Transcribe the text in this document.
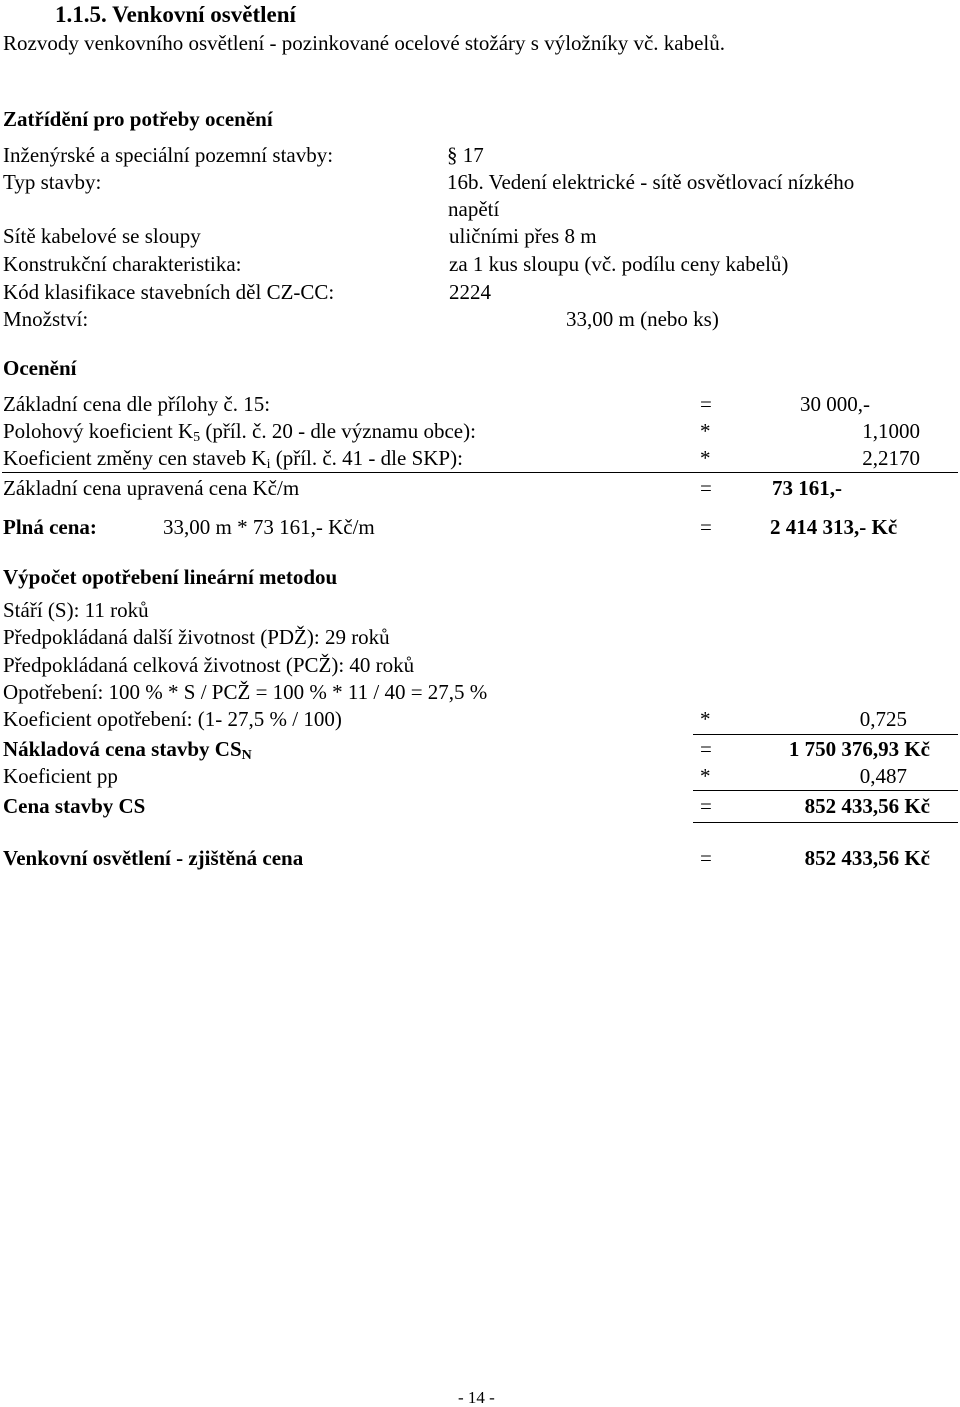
1.1.5. Venkovní osvětlení
Rozvody venkovního osvětlení - pozinkované ocelové stožáry s výložníky vč. kabelů.
Zatřídění pro potřeby ocenění
Inženýrské a speciální pozemní stavby:	§ 17
Typ stavby:	16b. Vedení elektrické - sítě osvětlovací nízkého
napětí
Sítě kabelové se sloupy	uličními přes 8 m
Konstrukční charakteristika:	za 1 kus sloupu (vč. podílu ceny kabelů)
Kód klasifikace stavebních děl CZ-CC:	2224
Množství:	33,00 m (nebo ks)
Ocenění
Základní cena dle přílohy č. 15:	=	30 000,-
Polohový koeficient $K_5$ (příl. č. 20 - dle významu obce):	*	1,1000
Koeficient změny cen staveb $K_i$ (příl. č. 41 - dle SKP):	*	2,2170
Základní cena upravená cena Kč/m	=	73 161,-
Plná cena:	33,00 m * 73 161,- Kč/m	=	2 414 313,- Kč
Výpočet opotřebení lineární metodou
Stáří (S): 11 roků
Předpokládaná další životnost (PDŽ): 29 roků
Předpokládaná celková životnost (PCŽ): 40 roků
Opotřebení: 100 % * S / PCŽ = 100 % * 11 / 40 = 27,5 %
Koeficient opotřebení: (1- 27,5 % / 100)	*	0,725
Nákladová cena stavby $CS_N$	=	1 750 376,93 Kč
Koeficient pp	*	0,487
Cena stavby CS	=	852 433,56 Kč
Venkovní osvětlení - zjištěná cena	=	852 433,56 Kč
- 14 -
